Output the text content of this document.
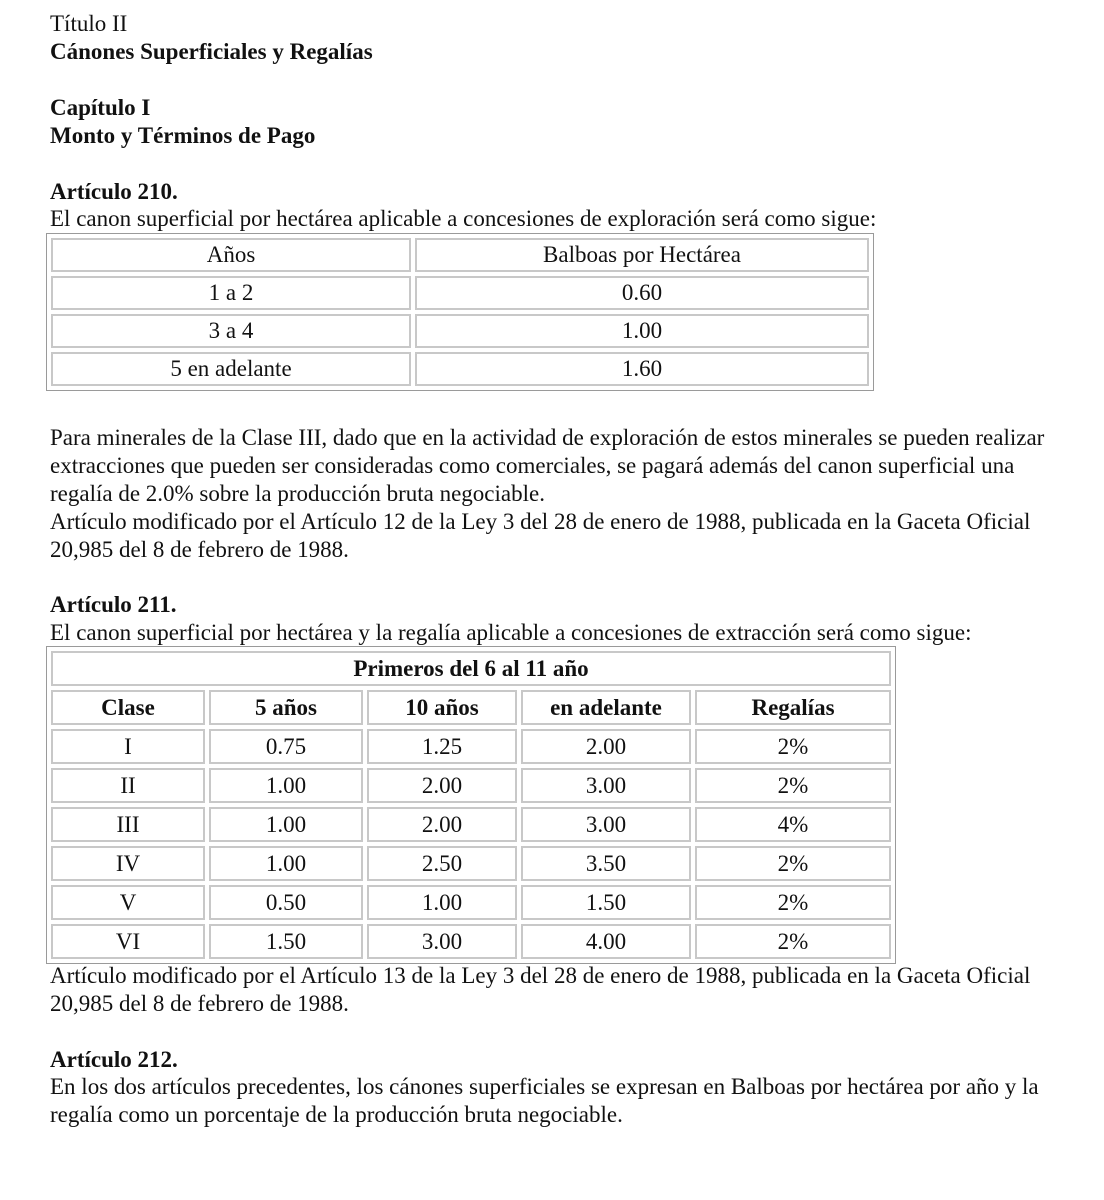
Título II
Cánones Superficiales y Regalías
Capítulo I
Monto y Términos de Pago
Artículo 210.
El canon superficial por hectárea aplicable a concesiones de exploración será como sigue:
Años	Balboas por Hectárea
1 a 2	0.60
3 a 4	1.00
5 en adelante	1.60

Para minerales de la Clase III, dado que en la actividad de exploración de estos minerales se pueden realizar extracciones que pueden ser consideradas como comerciales, se pagará además del canon superficial una regalía de 2.0% sobre la producción bruta negociable.

Artículo modificado por el Artículo 12 de la Ley 3 del 28 de enero de 1988, publicada en la Gaceta Oficial 20,985 del 8 de febrero de 1988.

Artículo 211.
El canon superficial por hectárea y la regalía aplicable a concesiones de extracción será como sigue:
Primeros del 6 al 11 año				
Clase	5 años	10 años	en adelante	Regalías
I	0.75	1.25	2.00	2%
II	1.00	2.00	3.00	2%
III	1.00	2.00	3.00	4%
IV	1.00	2.50	3.50	2%
V	0.50	1.00	1.50	2%
VI	1.50	3.00	4.00	2%

Artículo modificado por el Artículo 13 de la Ley 3 del 28 de enero de 1988, publicada en la Gaceta Oficial 20,985 del 8 de febrero de 1988.

Artículo 212.

En los dos artículos precedentes, los cánones superficiales se expresan en Balboas por hectárea por año y la regalía como un porcentaje de la producción bruta negociable.
